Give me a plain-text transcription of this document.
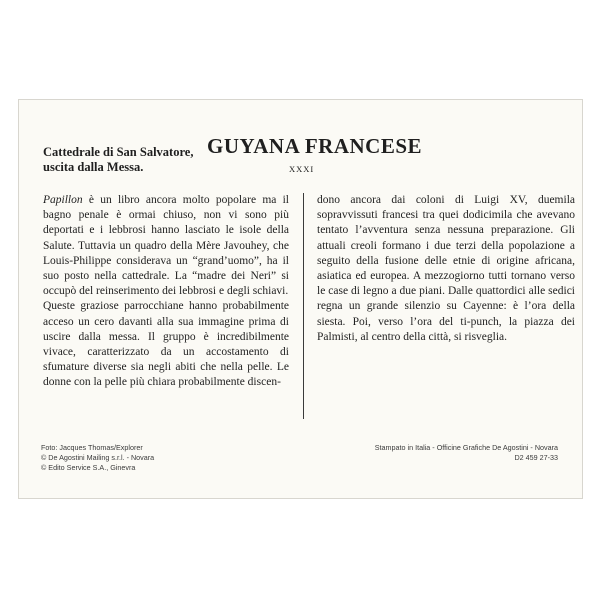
Cattedrale di San Salvatore,
uscita dalla Messa.
GUYANA FRANCESE
XXXI

Papillon è un libro ancora molto popolare ma il bagno penale è ormai chiuso, non vi sono più deportati e i lebbrosi hanno lasciato le isole della Salute. Tuttavia un quadro della Mère Javouhey, che Louis-Philippe considerava un “grand’uomo”, ha il suo posto nella cattedrale. La “madre dei Neri” si occupò del reinserimento dei lebbrosi e degli schiavi.

Queste graziose parrocchiane hanno probabilmente acceso un cero davanti alla sua immagine prima di uscire dalla messa. Il gruppo è incredibilmente vivace, caratterizzato da un accostamento di sfumature diverse sia negli abiti che nella pelle. Le donne con la pelle più chiara probabilmente discen-

dono ancora dai coloni di Luigi XV, duemila sopravvissuti francesi tra quei dodicimila che avevano tentato l’avventura senza nessuna preparazione. Gli attuali creoli formano i due terzi della popolazione a seguito della fusione delle etnie di origine africana, asiatica ed europea. A mezzogiorno tutti tornano verso le case di legno a due piani. Dalle quattordici alle sedici regna un grande silenzio su Cayenne: è l’ora della siesta. Poi, verso l’ora del ti-punch, la piazza dei Palmisti, al centro della città, si risveglia.

Foto: Jacques Thomas/Explorer
© De Agostini Mailing s.r.l. - Novara
© Edito Service S.A., Ginevra
Stampato in Italia - Officine Grafiche De Agostini - Novara
D2 459 27-33
